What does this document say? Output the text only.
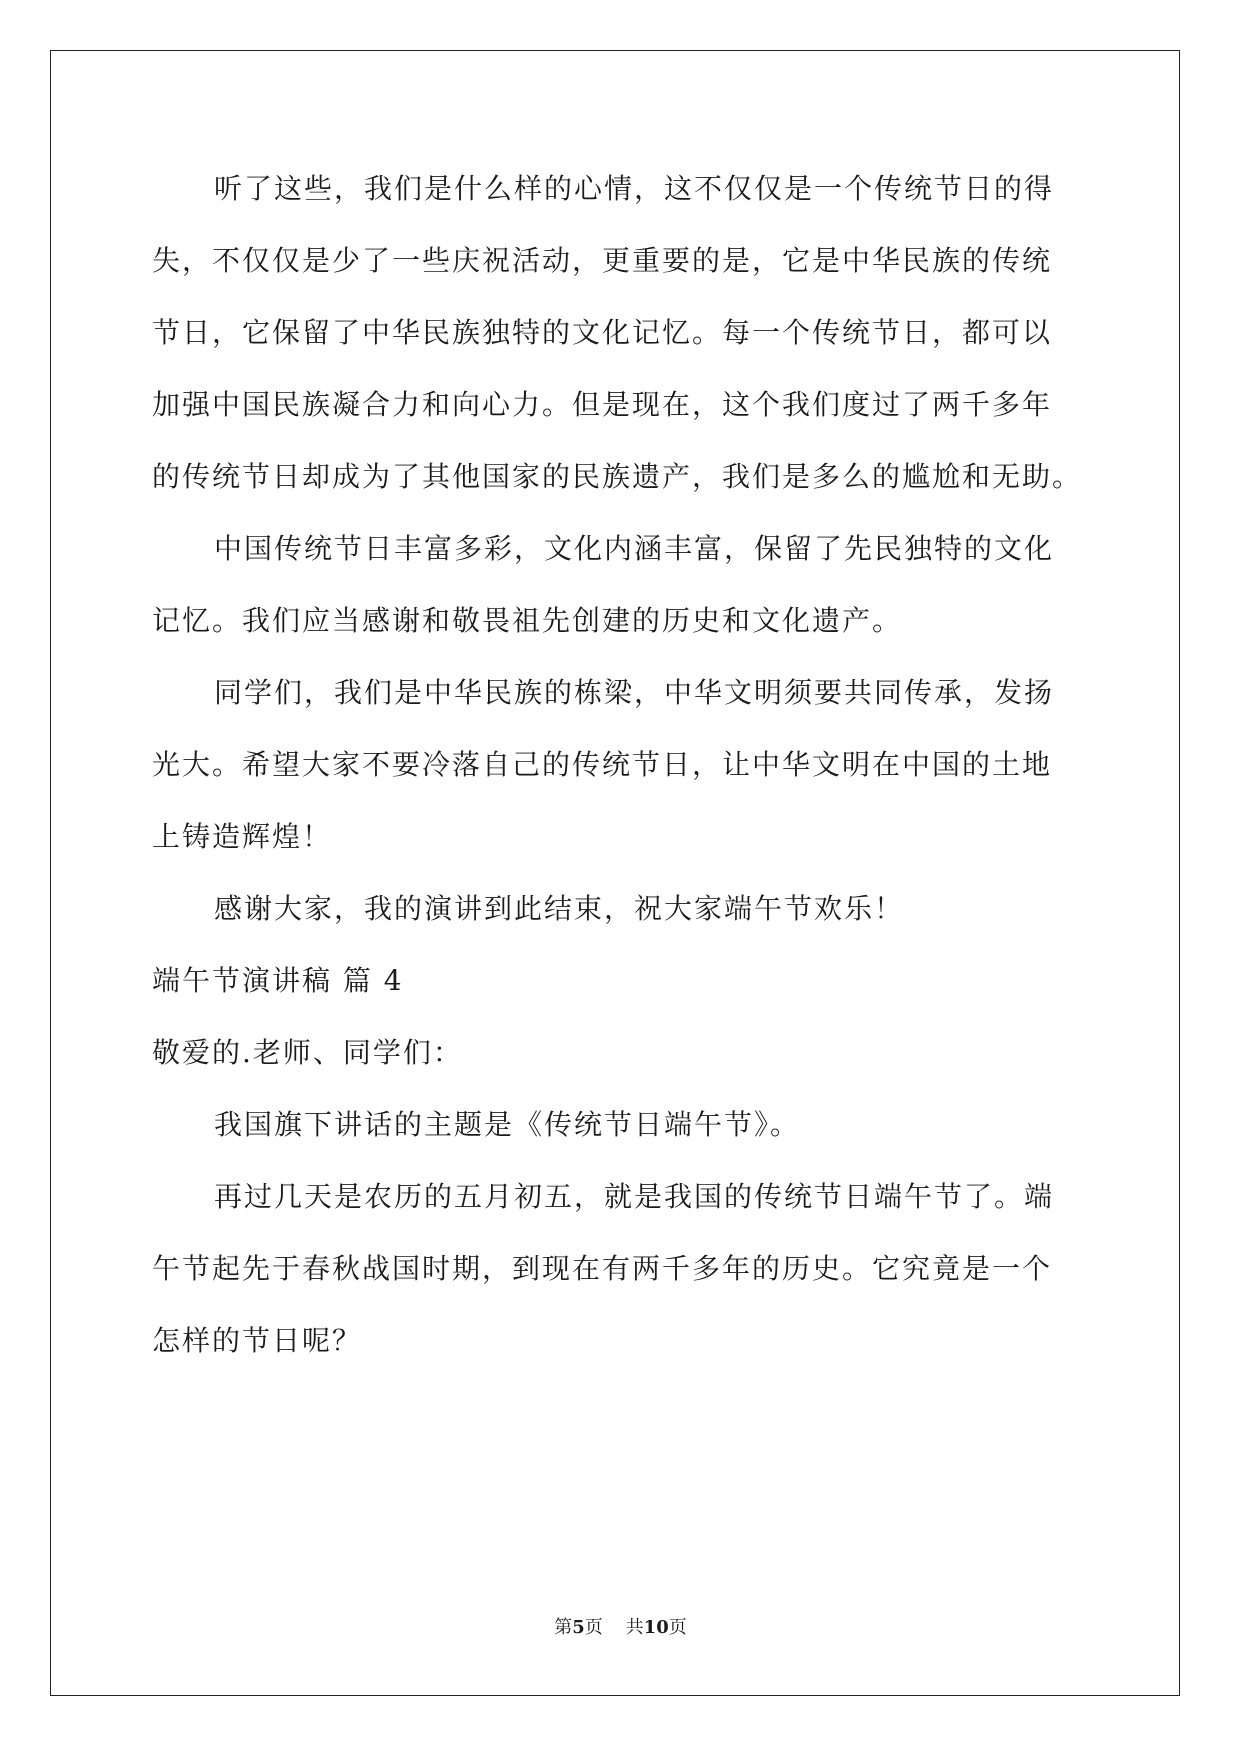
听了这些，我们是什么样的心情，这不仅仅是一个传统节日的得
失，不仅仅是少了一些庆祝活动，更重要的是，它是中华民族的传统
节日，它保留了中华民族独特的文化记忆。每一个传统节日，都可以
加强中国民族凝合力和向心力。但是现在，这个我们度过了两千多年
的传统节日却成为了其他国家的民族遗产，我们是多么的尴尬和无助。
中国传统节日丰富多彩，文化内涵丰富，保留了先民独特的文化
记忆。我们应当感谢和敬畏祖先创建的历史和文化遗产。
同学们，我们是中华民族的栋梁，中华文明须要共同传承，发扬
光大。希望大家不要冷落自己的传统节日，让中华文明在中国的土地
上铸造辉煌！
感谢大家，我的演讲到此结束，祝大家端午节欢乐！
端午节演讲稿 篇 4
敬爱的.老师、同学们：
我国旗下讲话的主题是《传统节日端午节》。
再过几天是农历的五月初五，就是我国的传统节日端午节了。端
午节起先于春秋战国时期，到现在有两千多年的历史。它究竟是一个
怎样的节日呢？
第5页 共10页
